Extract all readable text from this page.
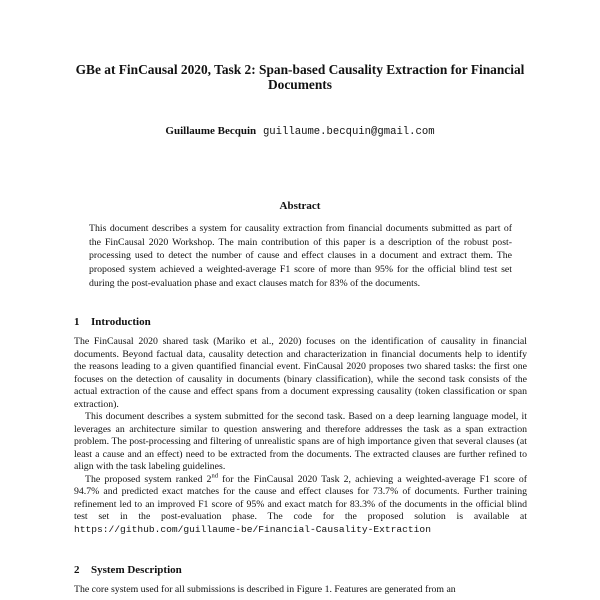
GBe at FinCausal 2020, Task 2: Span-based Causality Extraction for Financial Documents
Guillaume Becquin guillaume.becquin@gmail.com
Abstract
This document describes a system for causality extraction from financial documents submitted as part of the FinCausal 2020 Workshop. The main contribution of this paper is a description of the robust post-processing used to detect the number of cause and effect clauses in a document and extract them. The proposed system achieved a weighted-average F1 score of more than 95% for the official blind test set during the post-evaluation phase and exact clauses match for 83% of the documents.
1 Introduction

The FinCausal 2020 shared task (Mariko et al., 2020) focuses on the identification of causality in financial documents. Beyond factual data, causality detection and characterization in financial documents help to identify the reasons leading to a given quantified financial event. FinCausal 2020 proposes two shared tasks: the first one focuses on the detection of causality in documents (binary classification), while the second task consists of the actual extraction of the cause and effect spans from a document expressing causality (token classification or span extraction).

This document describes a system submitted for the second task. Based on a deep learning language model, it leverages an architecture similar to question answering and therefore addresses the task as a span extraction problem. The post-processing and filtering of unrealistic spans are of high importance given that several clauses (at least a cause and an effect) need to be extracted from the documents. The extracted clauses are further refined to align with the task labeling guidelines.

The proposed system ranked 2nd for the FinCausal 2020 Task 2, achieving a weighted-average F1 score of 94.7% and predicted exact matches for the cause and effect clauses for 73.7% of documents. Further training refinement led to an improved F1 score of 95% and exact match for 83.3% of the documents in the official blind test set in the post-evaluation phase. The code for the proposed solution is available at https://github.com/guillaume-be/Financial-Causality-Extraction

2 System Description

The core system used for all submissions is described in Figure 1. Features are generated from an
